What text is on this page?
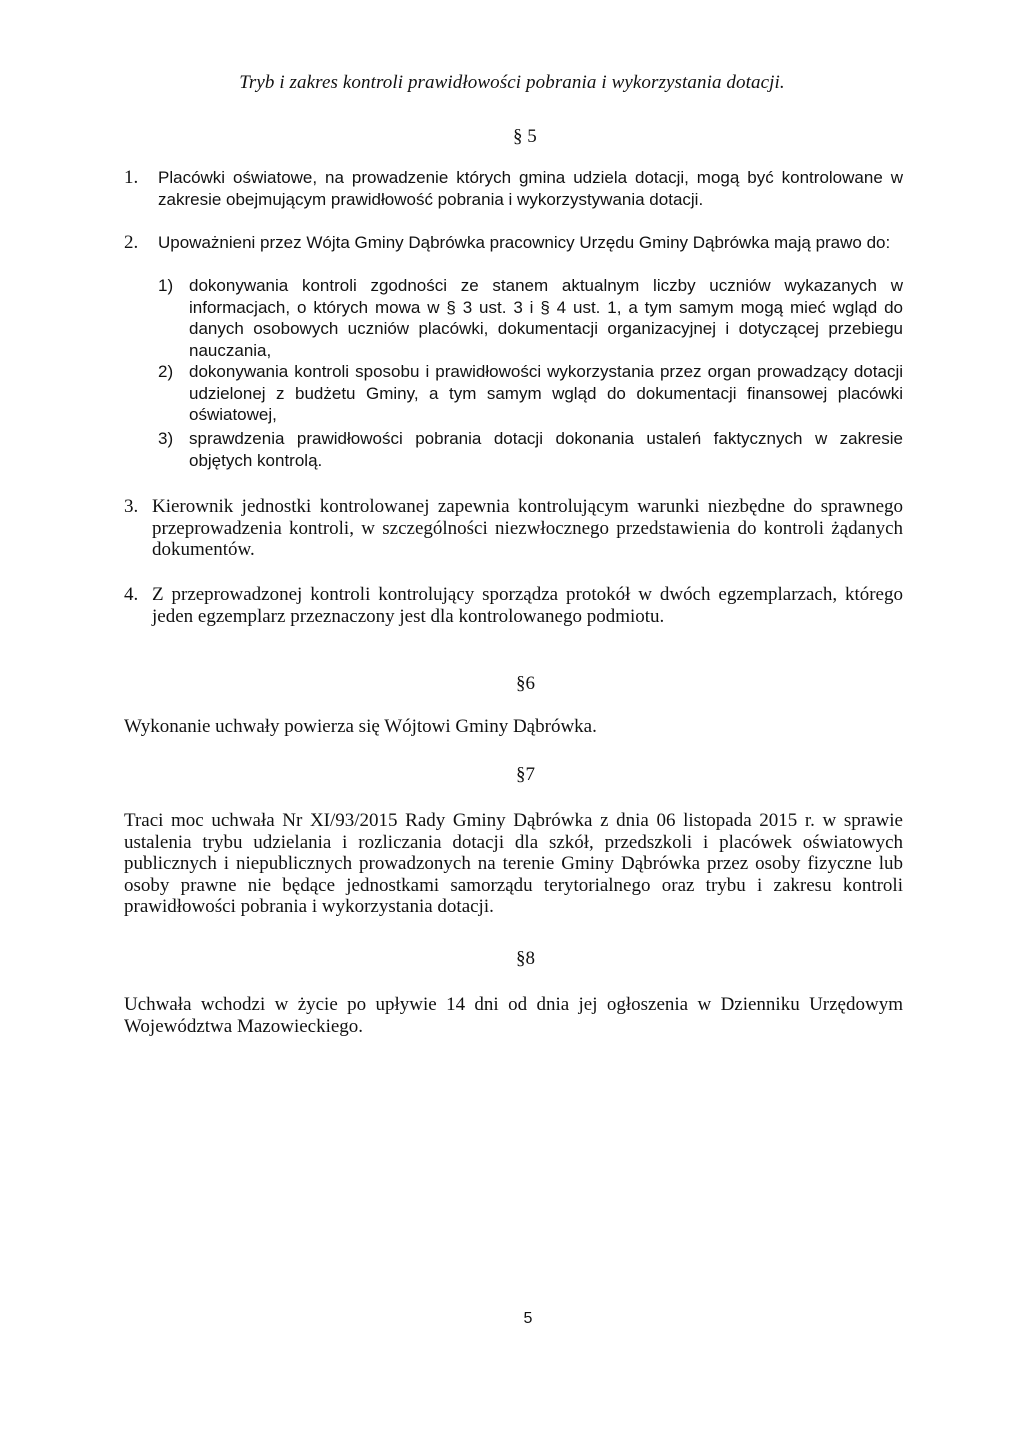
Tryb i zakres kontroli prawidłowości pobrania i wykorzystania dotacji.
§ 5
1. Placówki oświatowe, na prowadzenie których gmina udziela dotacji, mogą być kontrolowane w zakresie obejmującym prawidłowość pobrania i wykorzystywania dotacji.
2. Upoważnieni przez Wójta Gminy Dąbrówka pracownicy Urzędu Gminy Dąbrówka mają prawo do:
1) dokonywania kontroli zgodności ze stanem aktualnym liczby uczniów wykazanych w informacjach, o których mowa w § 3 ust. 3 i § 4 ust. 1, a tym samym mogą mieć wgląd do danych osobowych uczniów placówki, dokumentacji organizacyjnej i dotyczącej przebiegu nauczania,
2) dokonywania kontroli sposobu i prawidłowości wykorzystania przez organ prowadzący dotacji udzielonej z budżetu Gminy, a tym samym wgląd do dokumentacji finansowej placówki oświatowej,
3) sprawdzenia prawidłowości pobrania dotacji dokonania ustaleń faktycznych w zakresie objętych kontrolą.
3. Kierownik jednostki kontrolowanej zapewnia kontrolującym warunki niezbędne do sprawnego przeprowadzenia kontroli, w szczególności niezwłocznego przedstawienia do kontroli żądanych dokumentów.
4. Z przeprowadzonej kontroli kontrolujący sporządza protokół w dwóch egzemplarzach, którego jeden egzemplarz przeznaczony jest dla kontrolowanego podmiotu.
§6
Wykonanie uchwały powierza się Wójtowi Gminy Dąbrówka.
§7
Traci moc uchwała Nr XI/93/2015 Rady Gminy Dąbrówka z dnia 06 listopada 2015 r. w sprawie ustalenia trybu udzielania i rozliczania dotacji dla szkół, przedszkoli i placówek oświatowych publicznych i niepublicznych prowadzonych na terenie Gminy Dąbrówka przez osoby fizyczne lub osoby prawne nie będące jednostkami samorządu terytorialnego oraz trybu i zakresu kontroli prawidłowości pobrania i wykorzystania dotacji.
§8
Uchwała wchodzi w życie po upływie 14 dni od dnia jej ogłoszenia w Dzienniku Urzędowym Województwa Mazowieckiego.
5
